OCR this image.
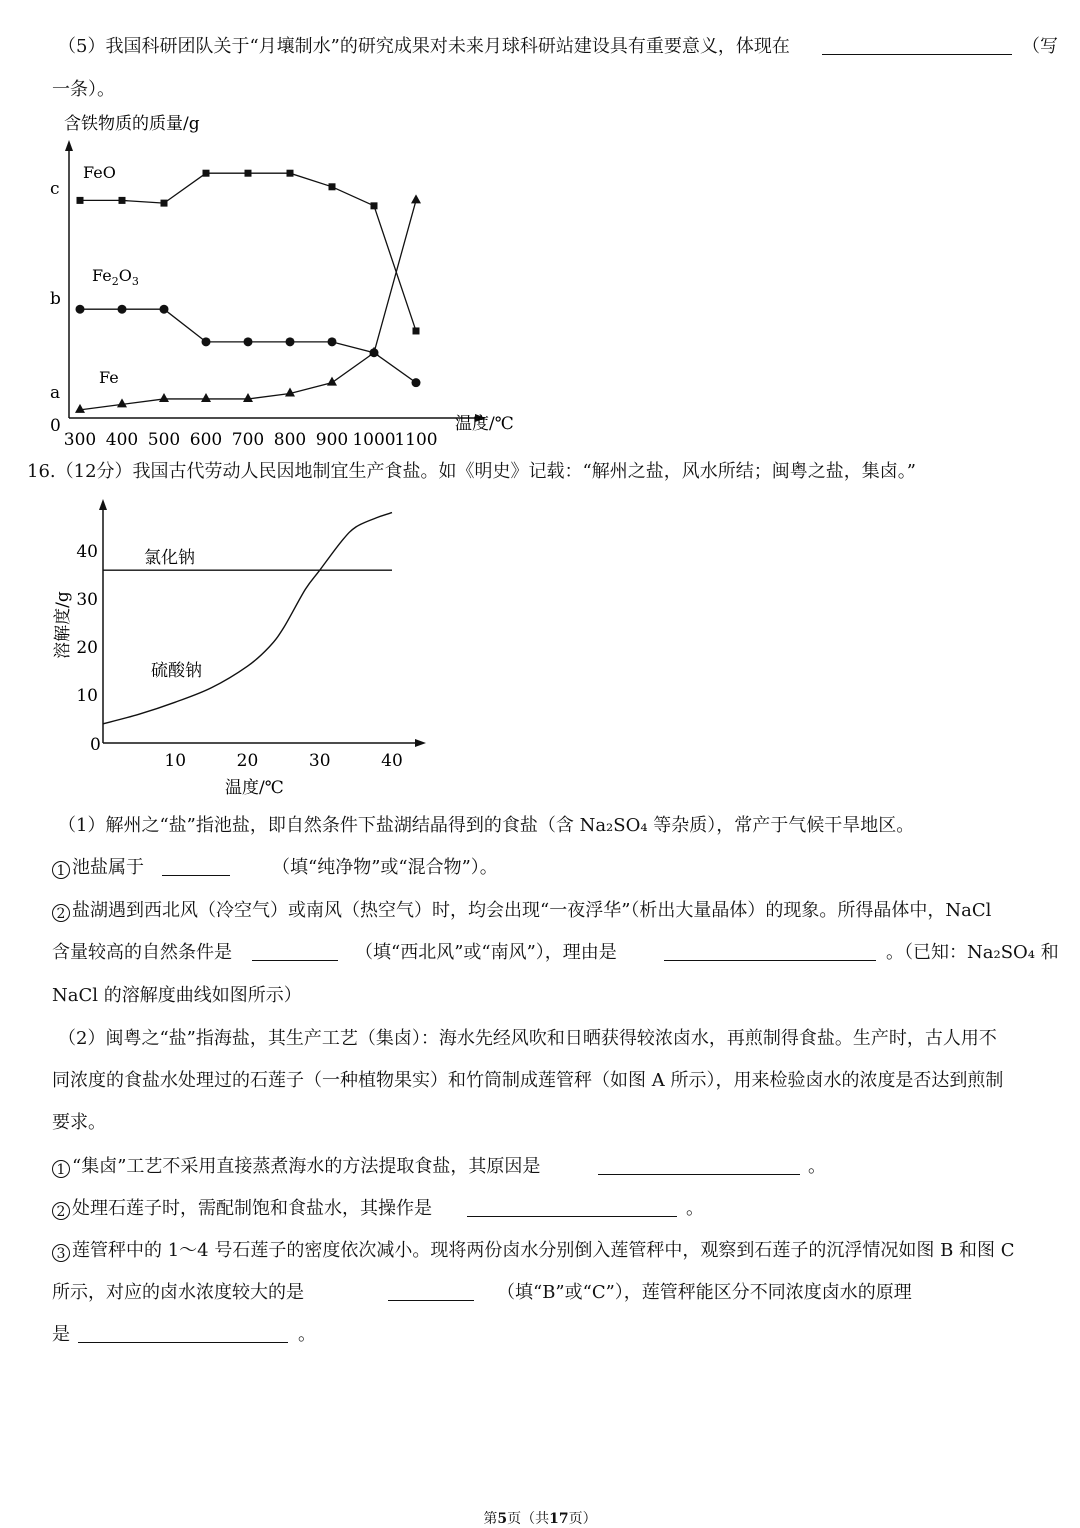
（5）我国科研团队关于“月壤制水”的研究成果对未来月球科研站建设具有重要意义，体现在	（写
一条）。
含铁物质的质量/g
0
c
b
a
300 400 500 600 700 800 900 1000
1100
温度/℃
FeO
$Fe_2O_3$
Fe
16.（12分）我国古代劳动人民因地制宜生产食盐。如《明史》记载：“解州之盐，风水所结；闽粤之盐，集卤。”
0
10	20	30	40
10
20
30
40
溶解度/g
温度/℃
氯化钠
硫酸钠
（1）解州之“盐”指池盐，即自然条件下盐湖结晶得到的食盐（含 Na₂SO₄ 等杂质），常产于气候干旱地区。
1 池盐属于	（填“纯净物”或“混合物”）。
2 盐湖遇到西北风（冷空气）或南风（热空气）时，均会出现“一夜浮华”（析出大量晶体）的现象。所得晶体中，NaCl
含量较高的自然条件是	（填“西北风”或“南风”），理由是	。（已知：Na₂SO₄ 和
NaCl 的溶解度曲线如图所示）
（2）闽粤之“盐”指海盐，其生产工艺（集卤）：海水先经风吹和日晒获得较浓卤水，再煎制得食盐。生产时，古人用不
同浓度的食盐水处理过的石莲子（一种植物果实）和竹筒制成莲管秤（如图 A 所示），用来检验卤水的浓度是否达到煎制
要求。
1 “集卤”工艺不采用直接蒸煮海水的方法提取食盐，其原因是	。
2 处理石莲子时，需配制饱和食盐水，其操作是	。
3 莲管秤中的 1～4 号石莲子的密度依次减小。现将两份卤水分别倒入莲管秤中，观察到石莲子的沉浮情况如图 B 和图 C
所示，对应的卤水浓度较大的是	（填“B”或“C”），莲管秤能区分不同浓度卤水的原理
是	。
第5页（共17页）
